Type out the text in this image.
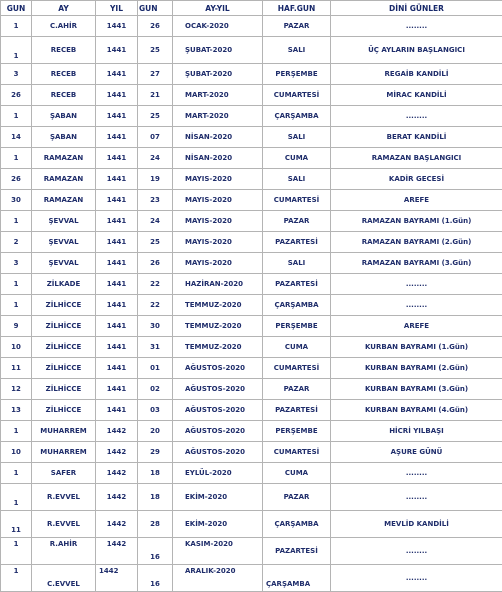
GUN	AY	YIL	GUN	AY-YIL	HAF.GUN	DİNİ GÜNLER
1	C.AHİR	1441	26	OCAK-2020	PAZAR	........
1	RECEB	1441	25	ŞUBAT-2020	SALI	ÜÇ AYLARIN BAŞLANGICI
3	RECEB	1441	27	ŞUBAT-2020	PERŞEMBE	REGAİB KANDİLİ
26	RECEB	1441	21	MART-2020	CUMARTESİ	MİRAC KANDİLİ
1	ŞABAN	1441	25	MART-2020	ÇARŞAMBA	........
14	ŞABAN	1441	07	NİSAN-2020	SALI	BERAT KANDİLİ
1	RAMAZAN	1441	24	NİSAN-2020	CUMA	RAMAZAN BAŞLANGICI
26	RAMAZAN	1441	19	MAYIS-2020	SALI	KADİR GECESİ
30	RAMAZAN	1441	23	MAYIS-2020	CUMARTESİ	AREFE
1	ŞEVVAL	1441	24	MAYIS-2020	PAZAR	RAMAZAN BAYRAMI (1.Gün)
2	ŞEVVAL	1441	25	MAYIS-2020	PAZARTESİ	RAMAZAN BAYRAMI (2.Gün)
3	ŞEVVAL	1441	26	MAYIS-2020	SALI	RAMAZAN BAYRAMI (3.Gün)
1	ZİLKADE	1441	22	HAZİRAN-2020	PAZARTESİ	........
1	ZİLHİCCE	1441	22	TEMMUZ-2020	ÇARŞAMBA	........
9	ZİLHİCCE	1441	30	TEMMUZ-2020	PERŞEMBE	AREFE
10	ZİLHİCCE	1441	31	TEMMUZ-2020	CUMA	KURBAN BAYRAMI (1.Gün)
11	ZİLHİCCE	1441	01	AĞUSTOS-2020	CUMARTESİ	KURBAN BAYRAMI (2.Gün)
12	ZİLHİCCE	1441	02	AĞUSTOS-2020	PAZAR	KURBAN BAYRAMI (3.Gün)
13	ZİLHİCCE	1441	03	AĞUSTOS-2020	PAZARTESİ	KURBAN BAYRAMI (4.Gün)
1	MUHARREM	1442	20	AĞUSTOS-2020	PERŞEMBE	HİCRİ YILBAŞI
10	MUHARREM	1442	29	AĞUSTOS-2020	CUMARTESİ	AŞURE GÜNÜ
1	SAFER	1442	18	EYLÜL-2020	CUMA	........
1	R.EVVEL	1442	18	EKİM-2020	PAZAR	........
11	R.EVVEL	1442	28	EKİM-2020	ÇARŞAMBA	MEVLİD KANDİLİ
1	R.AHİR	1442	16	KASIM-2020	PAZARTESİ	........
1	C.EVVEL	1442	16	ARALIK-2020	ÇARŞAMBA	........
